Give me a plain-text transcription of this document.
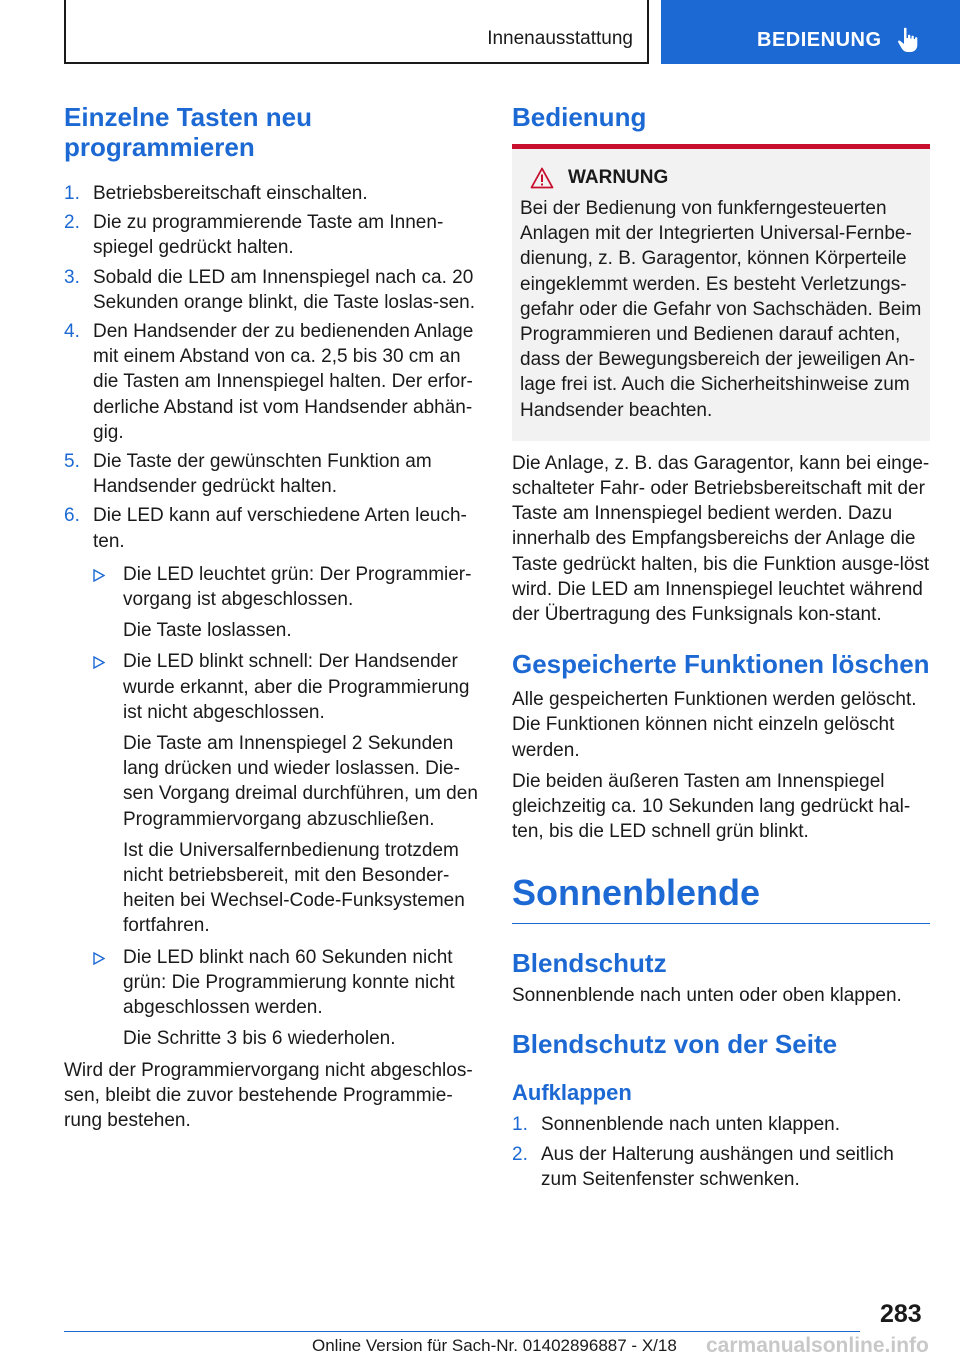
Innenausstattung	BEDIENUNG
Einzelne Tasten neu programmieren
1. Betriebsbereitschaft einschalten.
2. Die zu programmierende Taste am Innen-spiegel gedrückt halten.
3. Sobald die LED am Innenspiegel nach ca. 20 Sekunden orange blinkt, die Taste loslas-sen.
4. Den Handsender der zu bedienenden Anlage mit einem Abstand von ca. 2,5 bis 30 cm an die Tasten am Innenspiegel halten. Der erfor-derliche Abstand ist vom Handsender abhän-gig.
5. Die Taste der gewünschten Funktion am Handsender gedrückt halten.
6. Die LED kann auf verschiedene Arten leuch-ten.
Die LED leuchtet grün: Der Programmier-vorgang ist abgeschlossen.
Die Taste loslassen.
Die LED blinkt schnell: Der Handsender wurde erkannt, aber die Programmierung ist nicht abgeschlossen.
Die Taste am Innenspiegel 2 Sekunden lang drücken und wieder loslassen. Die-sen Vorgang dreimal durchführen, um den Programmiervorgang abzuschließen.
Ist die Universalfernbedienung trotzdem nicht betriebsbereit, mit den Besonder-heiten bei Wechsel-Code-Funksystemen fortfahren.
Die LED blinkt nach 60 Sekunden nicht grün: Die Programmierung konnte nicht abgeschlossen werden.
Die Schritte 3 bis 6 wiederholen.

Wird der Programmiervorgang nicht abgeschlos-sen, bleibt die zuvor bestehende Programmie-rung bestehen.

Bedienung
WARNUNG

Bei der Bedienung von funkferngesteuerten Anlagen mit der Integrierten Universal-Fernbe-dienung, z. B. Garagentor, können Körperteile eingeklemmt werden. Es besteht Verletzungs-gefahr oder die Gefahr von Sachschäden. Beim Programmieren und Bedienen darauf achten, dass der Bewegungsbereich der jeweiligen An-lage frei ist. Auch die Sicherheitshinweise zum Handsender beachten.

Die Anlage, z. B. das Garagentor, kann bei einge-schalteter Fahr- oder Betriebsbereitschaft mit der Taste am Innenspiegel bedient werden. Dazu innerhalb des Empfangsbereichs der Anlage die Taste gedrückt halten, bis die Funktion ausge-löst wird. Die LED am Innenspiegel leuchtet während der Übertragung des Funksignals kon-stant.

Gespeicherte Funktionen löschen

Alle gespeicherten Funktionen werden gelöscht. Die Funktionen können nicht einzeln gelöscht werden.

Die beiden äußeren Tasten am Innenspiegel gleichzeitig ca. 10 Sekunden lang gedrückt hal-ten, bis die LED schnell grün blinkt.

Sonnenblende
Blendschutz

Sonnenblende nach unten oder oben klappen.

Blendschutz von der Seite
Aufklappen
1. Sonnenblende nach unten klappen.
2. Aus der Halterung aushängen und seitlich zum Seitenfenster schwenken.
283
Online Version für Sach-Nr. 01402896887 - X/18 carmanualsonline.info
